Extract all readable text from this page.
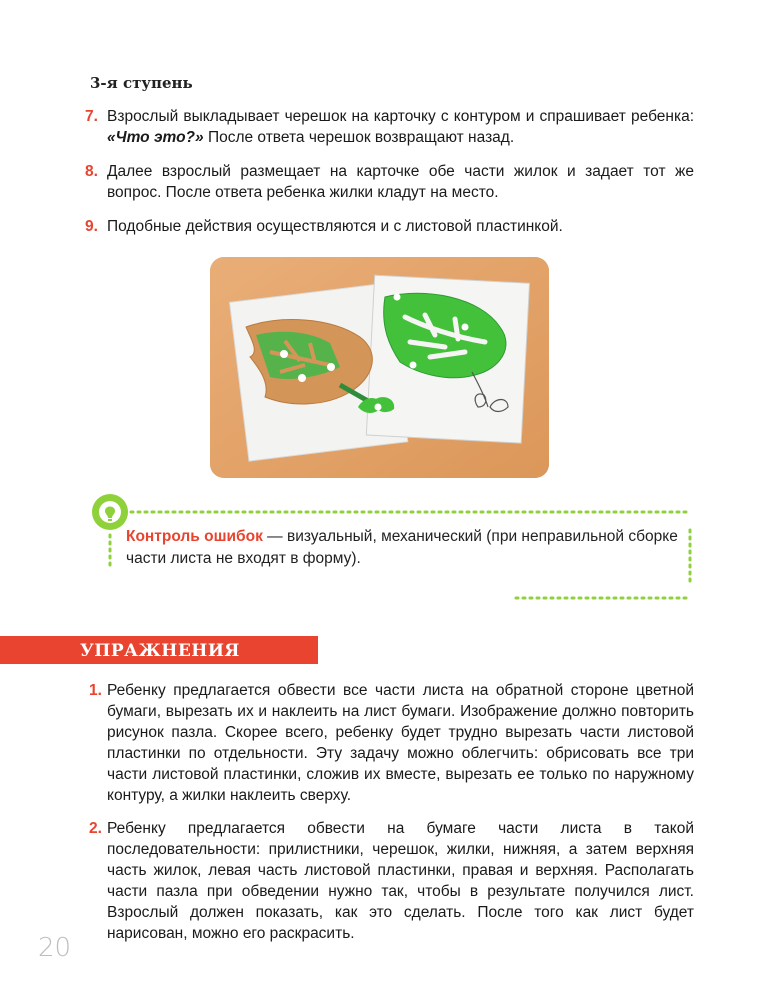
3-я ступень
7. Взрослый выкладывает черешок на карточку с контуром и спрашивает ребенка: «Что это?» После ответа черешок возвращают назад.
8. Далее взрослый размещает на карточке обе части жилок и задает тот же вопрос. После ответа ребенка жилки кладут на место.
9. Подобные действия осуществляются и с листовой пластинкой.
Контроль ошибок — визуальный, механический (при неправильной сборке части листа не входят в форму).
УПРАЖНЕНИЯ
1. Ребенку предлагается обвести все части листа на обратной стороне цветной бумаги, вырезать их и наклеить на лист бумаги. Изображение должно повторить рисунок пазла. Скорее всего, ребенку будет трудно вырезать части листовой пластинки по отдельности. Эту задачу можно облегчить: обрисовать все три части листовой пластинки, сложив их вместе, вырезать ее только по наружному контуру, а жилки наклеить сверху.
2. Ребенку предлагается обвести на бумаге части листа в такой последовательности: прилистники, черешок, жилки, нижняя, а затем верхняя часть жилок, левая часть листовой пластинки, правая и верхняя. Располагать части пазла при обведении нужно так, чтобы в результате получился лист. Взрослый должен показать, как это сделать. После того как лист будет нарисован, можно его раскрасить.
20
